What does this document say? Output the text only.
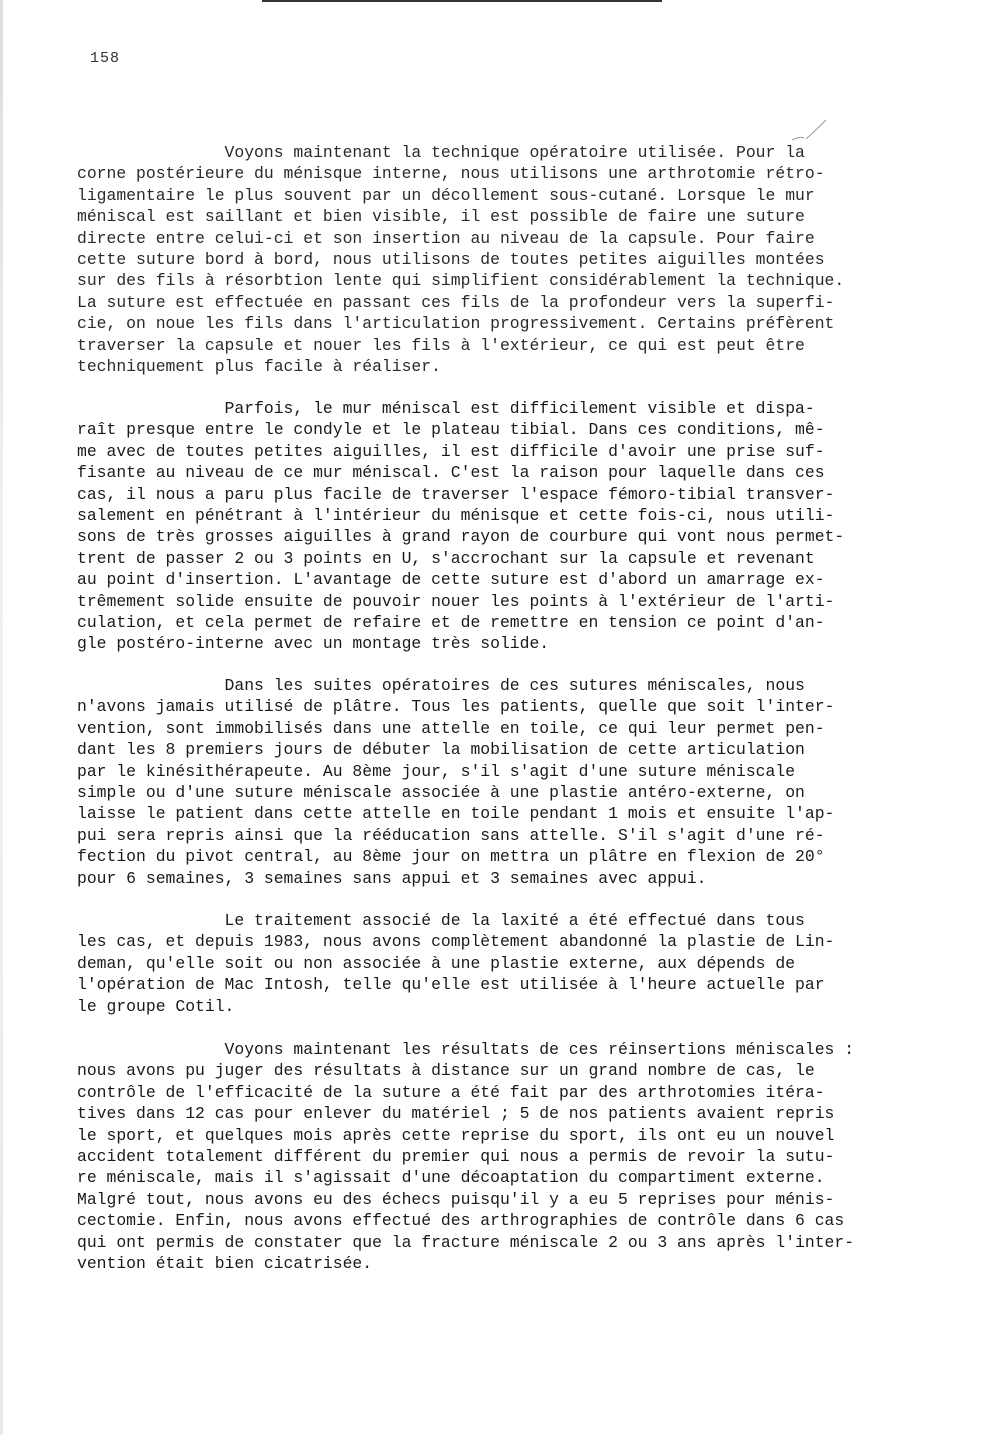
158

Voyons maintenant la technique opératoire utilisée. Pour la
corne postérieure du ménisque interne, nous utilisons une arthrotomie rétro-
ligamentaire le plus souvent par un décollement sous-cutané. Lorsque le mur
méniscal est saillant et bien visible, il est possible de faire une suture
directe entre celui-ci et son insertion au niveau de la capsule. Pour faire
cette suture bord à bord, nous utilisons de toutes petites aiguilles montées
sur des fils à résorbtion lente qui simplifient considérablement la technique.
La suture est effectuée en passant ces fils de la profondeur vers la superfi-
cie, on noue les fils dans l'articulation progressivement. Certains préfèrent
traverser la capsule et nouer les fils à l'extérieur, ce qui est peut être
techniquement plus facile à réaliser.

Parfois, le mur méniscal est difficilement visible et dispa-
raît presque entre le condyle et le plateau tibial. Dans ces conditions, mê-
me avec de toutes petites aiguilles, il est difficile d'avoir une prise suf-
fisante au niveau de ce mur méniscal. C'est la raison pour laquelle dans ces
cas, il nous a paru plus facile de traverser l'espace fémoro-tibial transver-
salement en pénétrant à l'intérieur du ménisque et cette fois-ci, nous utili-
sons de très grosses aiguilles à grand rayon de courbure qui vont nous permet-
trent de passer 2 ou 3 points en U, s'accrochant sur la capsule et revenant
au point d'insertion. L'avantage de cette suture est d'abord un amarrage ex-
trêmement solide ensuite de pouvoir nouer les points à l'extérieur de l'arti-
culation, et cela permet de refaire et de remettre en tension ce point d'an-
gle postéro-interne avec un montage très solide.

Dans les suites opératoires de ces sutures méniscales, nous
n'avons jamais utilisé de plâtre. Tous les patients, quelle que soit l'inter-
vention, sont immobilisés dans une attelle en toile, ce qui leur permet pen-
dant les 8 premiers jours de débuter la mobilisation de cette articulation
par le kinésithérapeute. Au 8ème jour, s'il s'agit d'une suture méniscale
simple ou d'une suture méniscale associée à une plastie antéro-externe, on
laisse le patient dans cette attelle en toile pendant 1 mois et ensuite l'ap-
pui sera repris ainsi que la rééducation sans attelle. S'il s'agit d'une ré-
fection du pivot central, au 8ème jour on mettra un plâtre en flexion de 20°
pour 6 semaines, 3 semaines sans appui et 3 semaines avec appui.

Le traitement associé de la laxité a été effectué dans tous
les cas, et depuis 1983, nous avons complètement abandonné la plastie de Lin-
deman, qu'elle soit ou non associée à une plastie externe, aux dépends de
l'opération de Mac Intosh, telle qu'elle est utilisée à l'heure actuelle par
le groupe Cotil.

Voyons maintenant les résultats de ces réinsertions méniscales :
nous avons pu juger des résultats à distance sur un grand nombre de cas, le
contrôle de l'efficacité de la suture a été fait par des arthrotomies itéra-
tives dans 12 cas pour enlever du matériel ; 5 de nos patients avaient repris
le sport, et quelques mois après cette reprise du sport, ils ont eu un nouvel
accident totalement différent du premier qui nous a permis de revoir la sutu-
re méniscale, mais il s'agissait d'une décoaptation du compartiment externe.
Malgré tout, nous avons eu des échecs puisqu'il y a eu 5 reprises pour ménis-
cectomie. Enfin, nous avons effectué des arthrographies de contrôle dans 6 cas
qui ont permis de constater que la fracture méniscale 2 ou 3 ans après l'inter-
vention était bien cicatrisée.
